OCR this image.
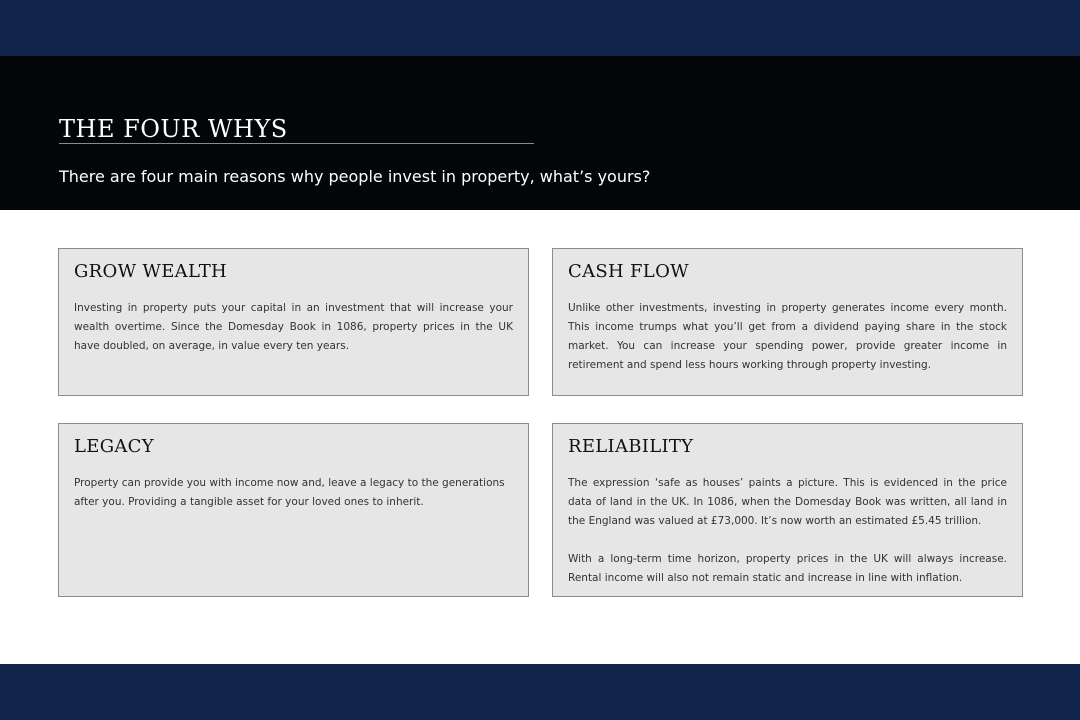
THE FOUR WHYS

There are four main reasons why people invest in property, what’s yours?

GROW WEALTH

Investing in property puts your capital in an investment that will increase your wealth overtime. Since the Domesday Book in 1086, property prices in the UK have doubled, on average, in value every ten years.

CASH FLOW

Unlike other investments, investing in property generates income every month. This income trumps what you’ll get from a dividend paying share in the stock market. You can increase your spending power, provide greater income in retirement and spend less hours working through property investing.

LEGACY

Property can provide you with income now and, leave a legacy to the generations after you. Providing a tangible asset for your loved ones to inherit.

RELIABILITY

The expression ‘safe as houses’ paints a picture. This is evidenced in the price data of land in the UK. In 1086, when the Domesday Book was written, all land in the England was valued at £73,000. It’s now worth an estimated £5.45 trillion.

With a long-term time horizon, property prices in the UK will always increase. Rental income will also not remain static and increase in line with inflation.
